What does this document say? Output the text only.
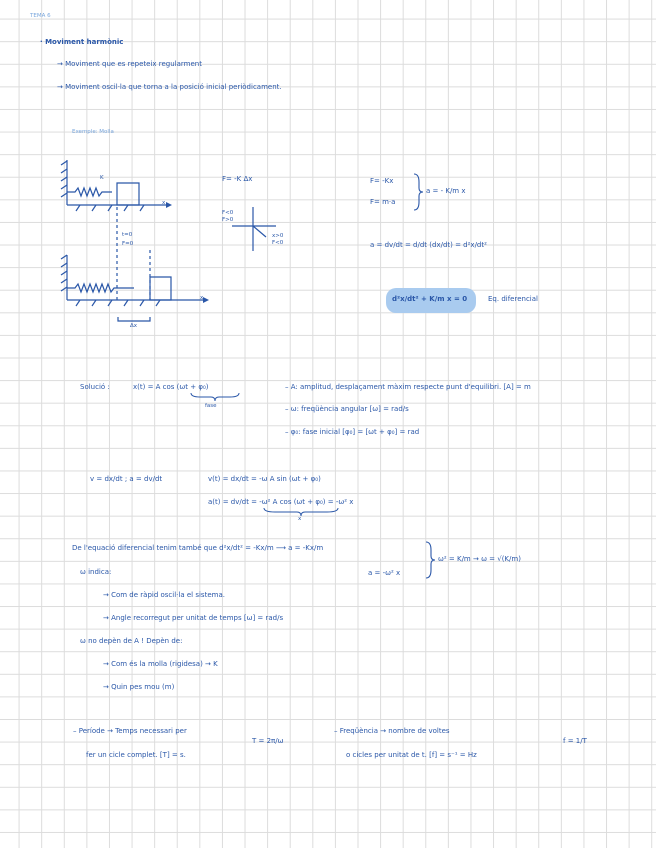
TEMA 6
· Moviment harmònic
→ Moviment que es repeteix regularment
→ Moviment oscil·la que torna a la posició inicial periòdicament.
Exemple: Molla
K
x
t=0
F=0
x
Δx
F= -K Δx
F<0
F>0
x>0
F<0
F= -Kx
F= m·a
a = - K/m x
a = dv/dt = d/dt (dx/dt) = d²x/dt²
d²x/dt² + K/m x = 0	Eq. diferencial
Solució :	x(t) = A cos (ωt + φ₀)
fase
– A: amplitud, desplaçament màxim respecte punt d'equilibri. [A] = m
– ω: freqüència angular [ω] = rad/s
– φ₀: fase inicial [φ₀] = [ωt + φ₀] = rad
v = dx/dt ; a = dv/dt	v(t) = dx/dt = -ω A sin (ωt + φ₀)
a(t) = dv/dt = -ω² A cos (ωt + φ₀) = -ω² x
x
De l'equació diferencial tenim també que d²x/dt² = -Kx/m ⟶ a = -Kx/m
a = -ω² x
ω² = K/m → ω = √(K/m)
ω indica:
→ Com de ràpid oscil·la el sistema.
→ Angle recorregut per unitat de temps [ω] = rad/s
ω no depèn de A ! Depèn de:
→ Com és la molla (rigidesa) → K
→ Quin pes mou (m)
– Període → Temps necessari per
fer un cicle complet. [T] = s.
T = 2π/ω
– Freqüència → nombre de voltes
o cicles per unitat de t. [f] = s⁻¹ = Hz
f = 1/T
